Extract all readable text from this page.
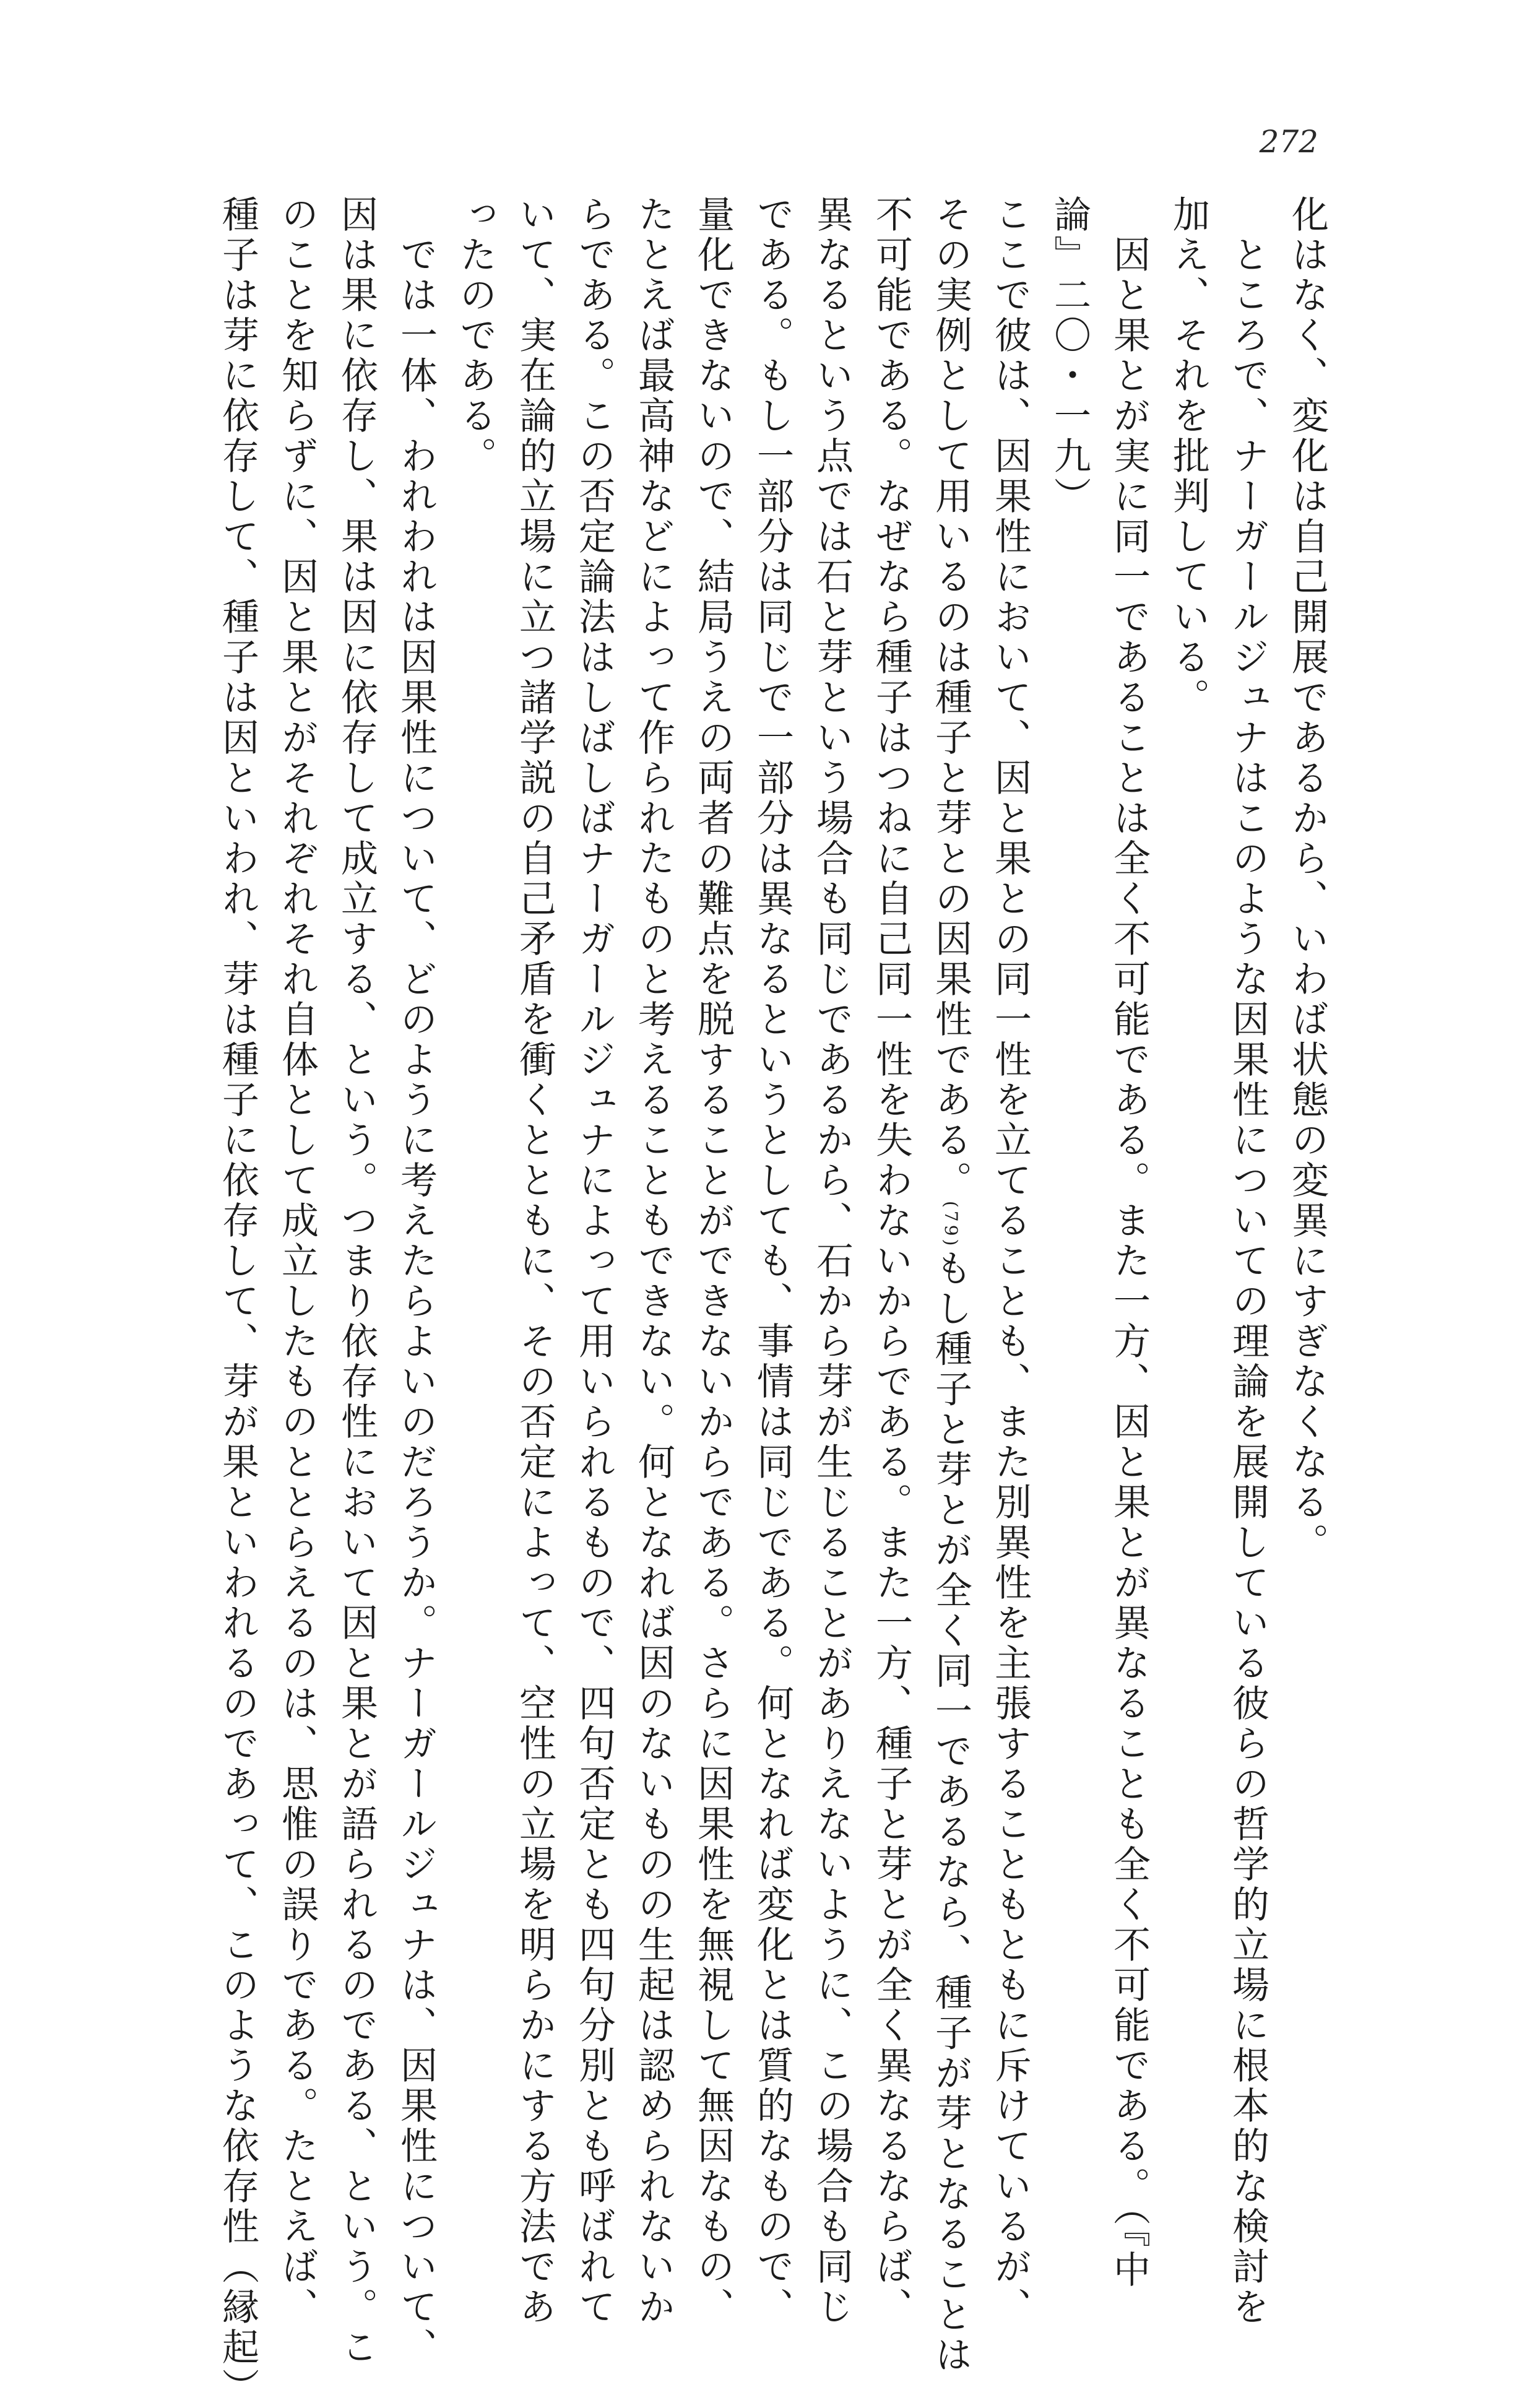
272
化はなく、変化は自己開展であるから、いわば状態の変異にすぎなくなる。
　ところで、ナーガールジュナはこのような因果性についての理論を展開している彼らの哲学的立場に根本的な検討を
加え、それを批判している。
　因と果とが実に同一であることは全く不可能である。また一方、因と果とが異なることも全く不可能である。（『中
論』二〇・一九）
ここで彼は、因果性において、因と果との同一性を立てることも、また別異性を主張することもともに斥けているが、
その実例として用いるのは種子と芽との因果性である。(79)もし種子と芽とが全く同一であるなら、種子が芽となることは
不可能である。なぜなら種子はつねに自己同一性を失わないからである。また一方、種子と芽とが全く異なるならば、
異なるという点では石と芽という場合も同じであるから、石から芽が生じることがありえないように、この場合も同じ
である。もし一部分は同じで一部分は異なるというとしても、事情は同じである。何となれば変化とは質的なもので、
量化できないので、結局うえの両者の難点を脱することができないからである。さらに因果性を無視して無因なもの、
たとえば最高神などによって作られたものと考えることもできない。何となれば因のないものの生起は認められないか
らである。この否定論法はしばしばナーガールジュナによって用いられるもので、四句否定とも四句分別とも呼ばれて
いて、実在論的立場に立つ諸学説の自己矛盾を衝くとともに、その否定によって、空性の立場を明らかにする方法であ
ったのである。
　では一体、われわれは因果性について、どのように考えたらよいのだろうか。ナーガールジュナは、因果性について、
因は果に依存し、果は因に依存して成立する、という。つまり依存性において因と果とが語られるのである、という。こ
のことを知らずに、因と果とがそれぞれそれ自体として成立したものととらえるのは、思惟の誤りである。たとえば、
種子は芽に依存して、種子は因といわれ、芽は種子に依存して、芽が果といわれるのであって、このような依存性（縁起）
